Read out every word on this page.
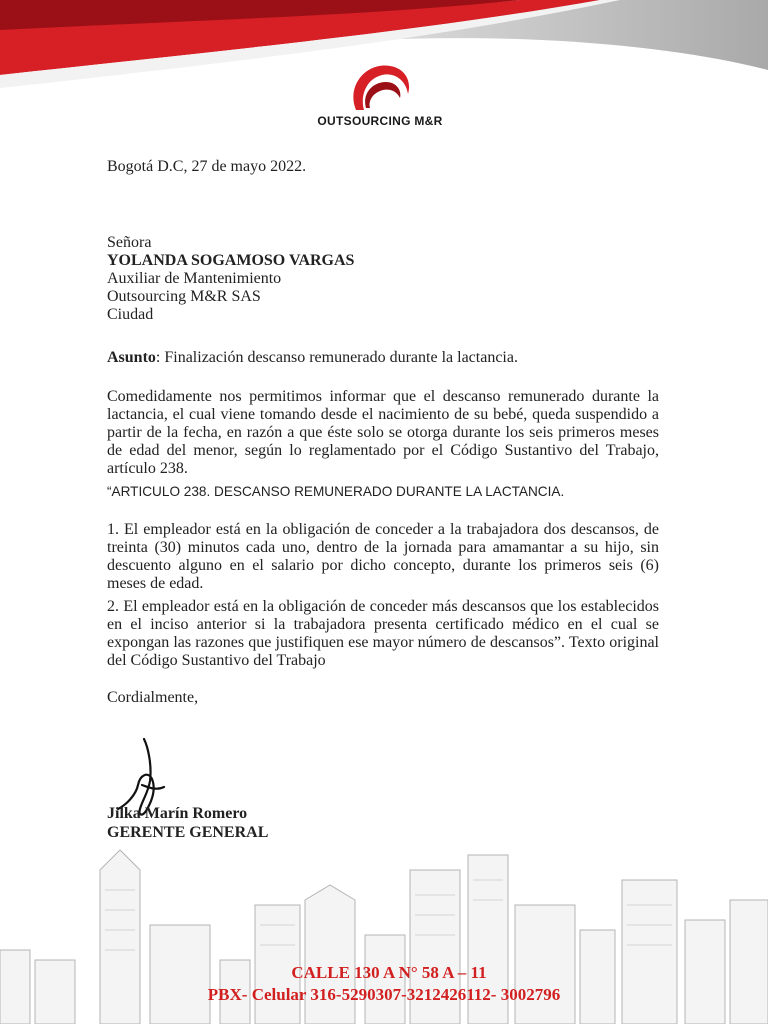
OUTSOURCING M&R

Bogotá D.C, 27 de mayo 2022.

Señora
YOLANDA SOGAMOSO VARGAS
Auxiliar de Mantenimiento
Outsourcing M&R SAS
Ciudad

Asunto: Finalización descanso remunerado durante la lactancia.

Comedidamente nos permitimos informar que el descanso remunerado durante la lactancia, el cual viene tomando desde el nacimiento de su bebé, queda suspendido a partir de la fecha, en razón a que éste solo se otorga durante los seis primeros meses de edad del menor, según lo reglamentado por el Código Sustantivo del Trabajo, artículo 238.

“ARTICULO 238. DESCANSO REMUNERADO DURANTE LA LACTANCIA.

1. El empleador está en la obligación de conceder a la trabajadora dos descansos, de treinta (30) minutos cada uno, dentro de la jornada para amamantar a su hijo, sin descuento alguno en el salario por dicho concepto, durante los primeros seis (6) meses de edad.

2. El empleador está en la obligación de conceder más descansos que los establecidos en el inciso anterior si la trabajadora presenta certificado médico en el cual se expongan las razones que justifiquen ese mayor número de descansos”. Texto original del Código Sustantivo del Trabajo

Cordialmente,

Jilka Marín Romero
GERENTE GENERAL
CALLE 130 A N° 58 A – 11
PBX- Celular 316-5290307-3212426112- 3002796
